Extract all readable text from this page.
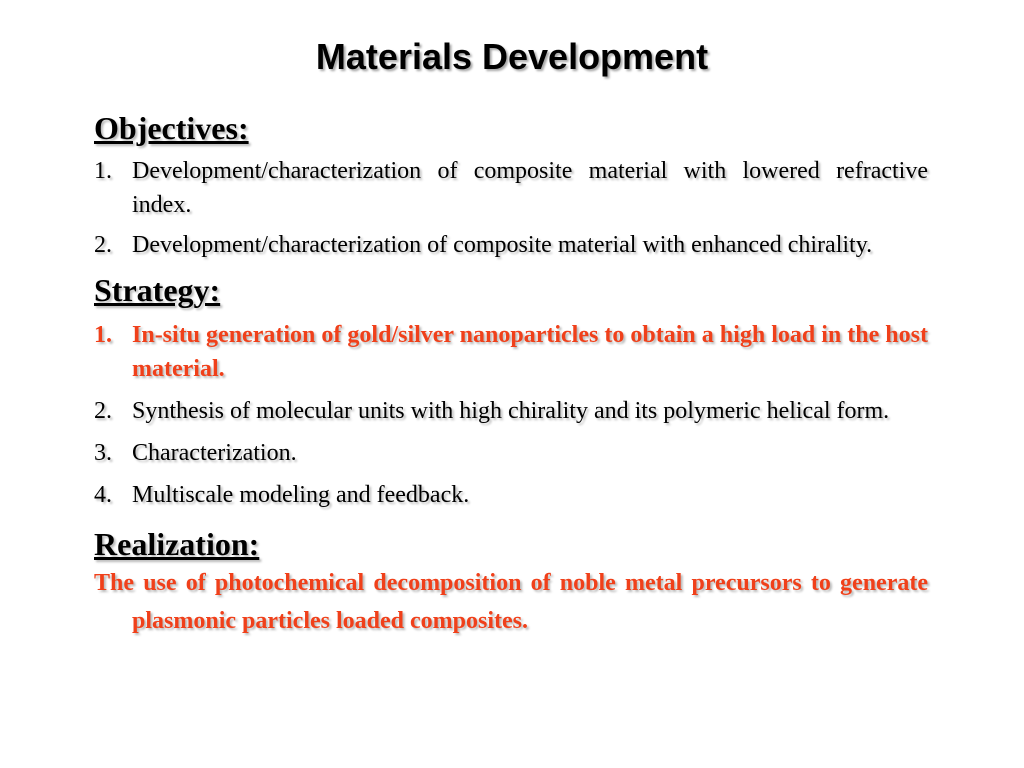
Materials Development
Objectives:
1. Development/characterization of composite material with lowered refractive index.
2. Development/characterization of composite material with enhanced chirality.
Strategy:
1. In-situ generation of gold/silver nanoparticles to obtain a high load in the host material.
2. Synthesis of molecular units with high chirality and its polymeric helical form.
3. Characterization.
4. Multiscale modeling and feedback.
Realization:
The use of photochemical decomposition of noble metal precursors to generate plasmonic particles loaded composites.
